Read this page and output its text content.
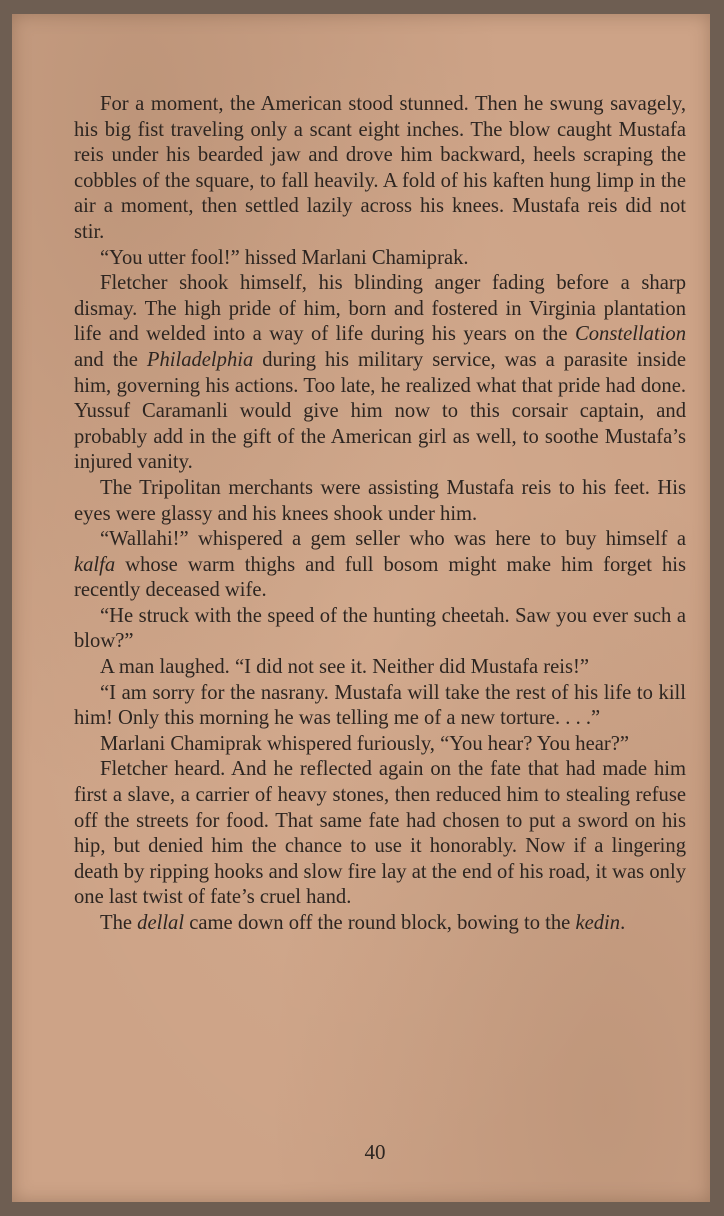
For a moment, the American stood stunned. Then he swung savagely, his big fist traveling only a scant eight inches. The blow caught Mustafa reis under his bearded jaw and drove him backward, heels scraping the cobbles of the square, to fall heavily. A fold of his kaften hung limp in the air a moment, then settled lazily across his knees. Mustafa reis did not stir.

“You utter fool!” hissed Marlani Chamiprak.

Fletcher shook himself, his blinding anger fading before a sharp dismay. The high pride of him, born and fostered in Virginia plantation life and welded into a way of life during his years on the Constellation and the Philadelphia during his military service, was a parasite inside him, governing his actions. Too late, he realized what that pride had done. Yussuf Caramanli would give him now to this corsair captain, and probably add in the gift of the American girl as well, to soothe Mustafa’s injured vanity.

The Tripolitan merchants were assisting Mustafa reis to his feet. His eyes were glassy and his knees shook under him.

“Wallahi!” whispered a gem seller who was here to buy himself a kalfa whose warm thighs and full bosom might make him forget his recently deceased wife.

“He struck with the speed of the hunting cheetah. Saw you ever such a blow?”

A man laughed. “I did not see it. Neither did Mustafa reis!”

“I am sorry for the nasrany. Mustafa will take the rest of his life to kill him! Only this morning he was telling me of a new torture. . . .”

Marlani Chamiprak whispered furiously, “You hear? You hear?”

Fletcher heard. And he reflected again on the fate that had made him first a slave, a carrier of heavy stones, then reduced him to stealing refuse off the streets for food. That same fate had chosen to put a sword on his hip, but denied him the chance to use it honorably. Now if a lingering death by ripping hooks and slow fire lay at the end of his road, it was only one last twist of fate’s cruel hand.

The dellal came down off the round block, bowing to the kedin.

40
